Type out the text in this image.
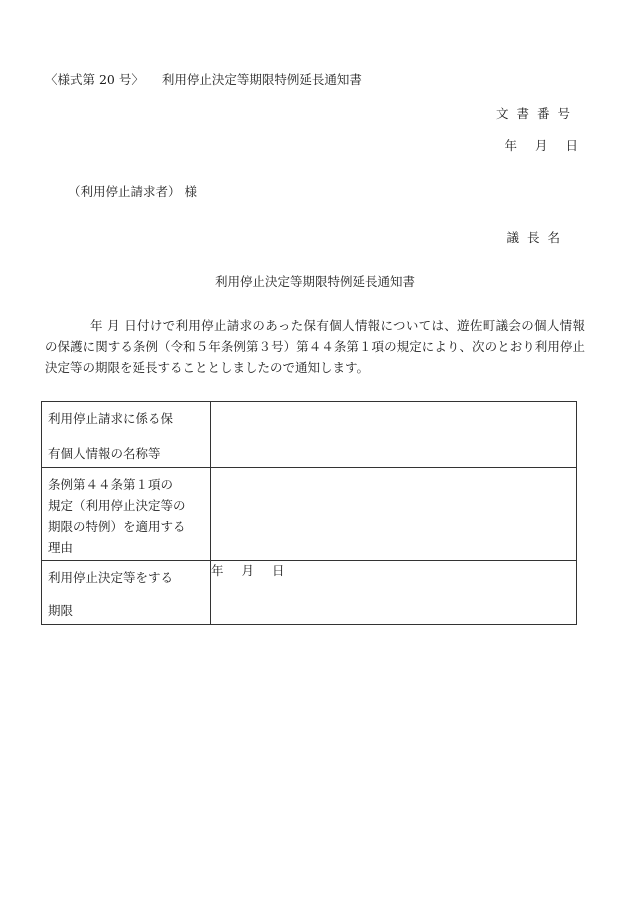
〈様式第 20 号〉 利用停止決定等期限特例延長通知書
文書番号
年 月 日
（利用停止請求者） 様
議長名
利用停止決定等期限特例延長通知書
年 月 日付けで利用停止請求のあった保有個人情報については、遊佐町議会の個人情報の保護に関する条例（令和５年条例第３号）第４４条第１項の規定により、次のとおり利用停止決定等の期限を延長することとしましたので通知します。
利用停止請求に係る保
有個人情報の名称等	

条例第４４条第１項の
規定（利用停止決定等の
期限の特例）を適用する
理由	

利用停止決定等をする
期限	年 月 日
